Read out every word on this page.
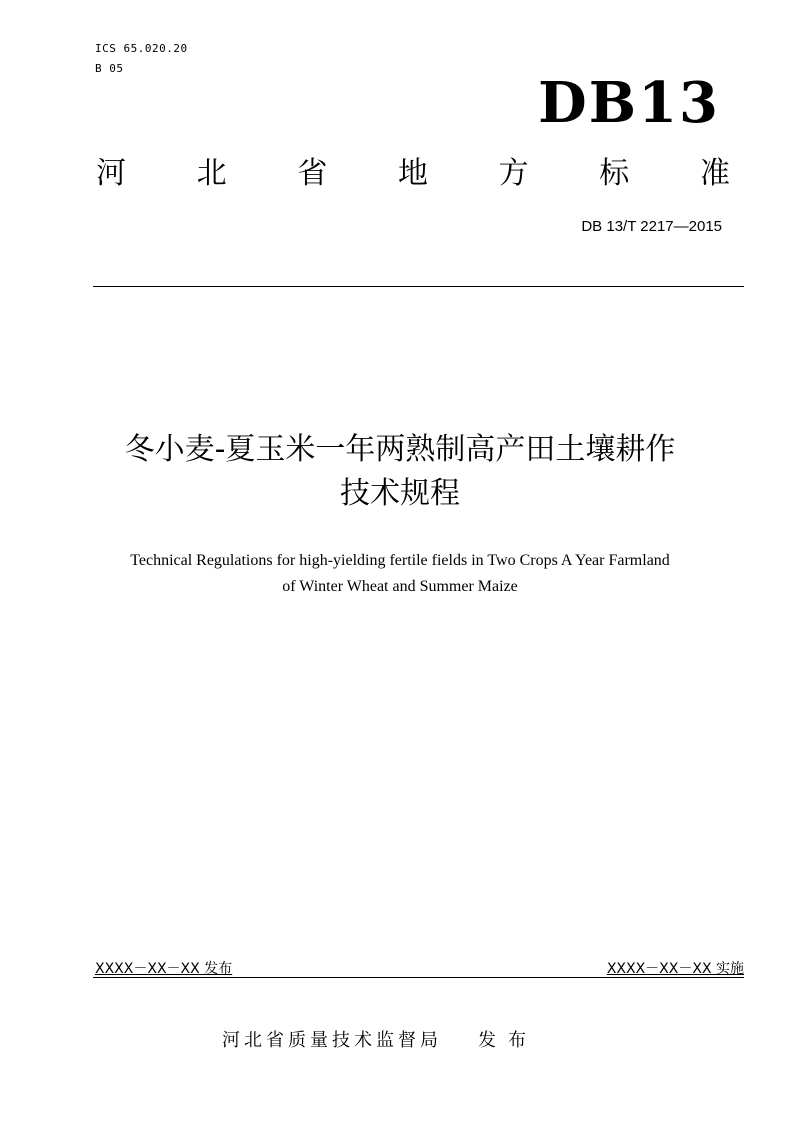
ICS 65.020.20
B 05
DB13
河 北 省 地 方 标 准
DB 13/T 2217—2015
冬小麦-夏玉米一年两熟制高产田土壤耕作
技术规程
Technical Regulations for high-yielding fertile fields in Two Crops A Year Farmland
of Winter Wheat and Summer Maize
XXXX－XX－XX 发布	XXXX－XX－XX 实施
河北省质量技术监督局 发布
